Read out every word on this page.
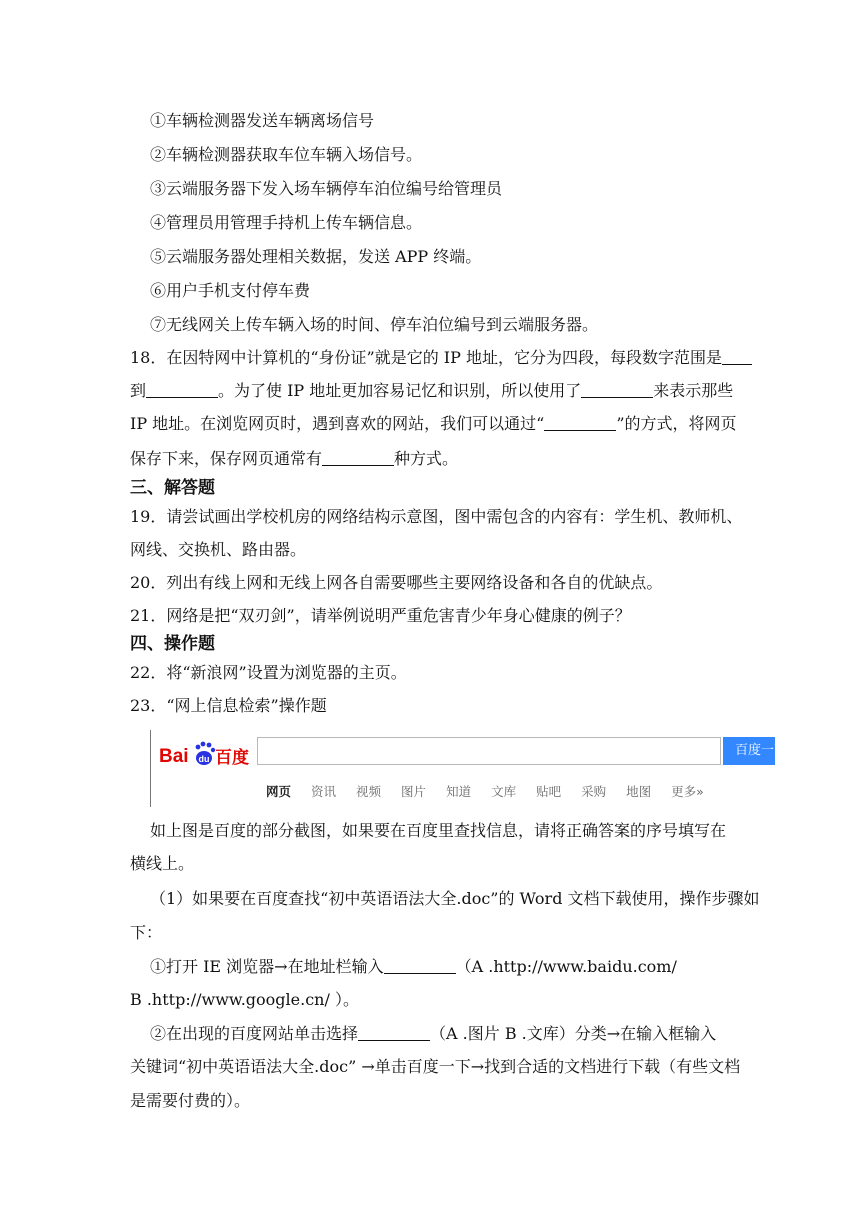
①车辆检测器发送车辆离场信号
②车辆检测器获取车位车辆入场信号。
③云端服务器下发入场车辆停车泊位编号给管理员
④管理员用管理手持机上传车辆信息。
⑤云端服务器处理相关数据，发送 APP 终端。
⑥用户手机支付停车费
⑦无线网关上传车辆入场的时间、停车泊位编号到云端服务器。
18．在因特网中计算机的“身份证”就是它的 IP 地址，它分为四段，每段数字范围是
到	。为了使 IP 地址更加容易记忆和识别，所以使用了	来表示那些
IP 地址。在浏览网页时，遇到喜欢的网站，我们可以通过“	”的方式，将网页
保存下来，保存网页通常有	种方式。
三、解答题
19．请尝试画出学校机房的网络结构示意图，图中需包含的内容有：学生机、教师机、
网线、交换机、路由器。
20．列出有线上网和无线上网各自需要哪些主要网络设备和各自的优缺点。
21．网络是把“双刃剑”，请举例说明严重危害青少年身心健康的例子？
四、操作题
22．将“新浪网”设置为浏览器的主页。
23．“网上信息检索”操作题
Bai du 百度	百度一下
网页 资讯 视频 图片 知道 文库 贴吧 采购 地图 更多»
如上图是百度的部分截图，如果要在百度里查找信息，请将正确答案的序号填写在
横线上。
（1）如果要在百度查找“初中英语语法大全.doc”的 Word 文档下载使用，操作步骤如
下：
①打开 IE 浏览器→在地址栏输入	（A .http://www.baidu.com/
B .http://www.google.cn/ ）。
②在出现的百度网站单击选择	（A .图片 B .文库）分类→在输入框输入
关键词“初中英语语法大全.doc” →单击百度一下→找到合适的文档进行下载（有些文档
是需要付费的）。
